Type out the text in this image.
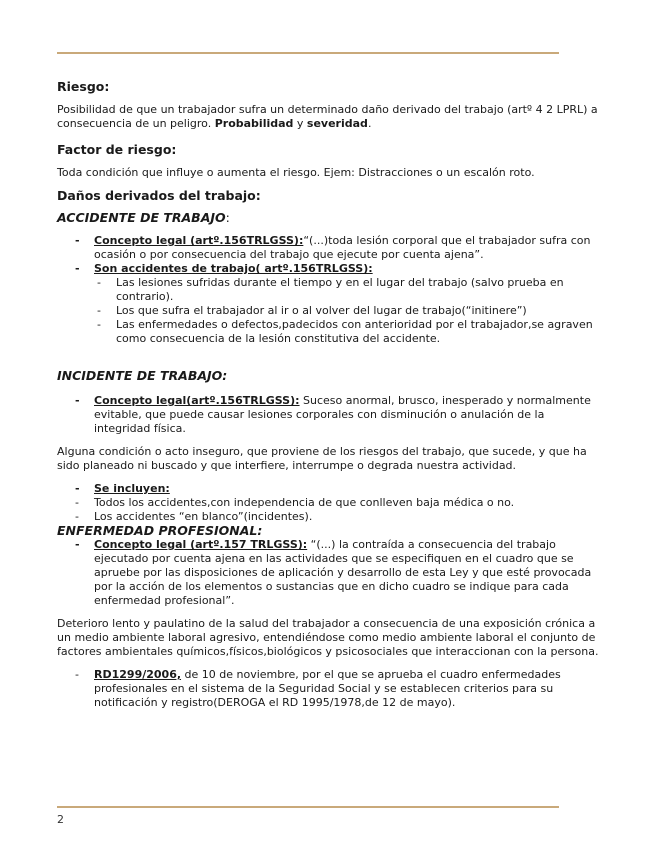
Riesgo:

Posibilidad de que un trabajador sufra un determinado daño derivado del trabajo (artº 4 2 LPRL) a consecuencia de un peligro. Probabilidad y severidad.

Factor de riesgo:

Toda condición que influye o aumenta el riesgo. Ejem: Distracciones o un escalón roto.

Daños derivados del trabajo:

ACCIDENTE DE TRABAJO:

- Concepto legal (artº.156TRLGSS):“(...)toda lesión corporal que el trabajador sufra con ocasión o por consecuencia del trabajo que ejecute por cuenta ajena”.
- Son accidentes de trabajo( artº.156TRLGSS):
- Las lesiones sufridas durante el tiempo y en el lugar del trabajo (salvo prueba en contrario).
- Los que sufra el trabajador al ir o al volver del lugar de trabajo(“initinere”)
- Las enfermedades o defectos,padecidos con anterioridad por el trabajador,se agraven como consecuencia de la lesión constitutiva del accidente.

INCIDENTE DE TRABAJO:

- Concepto legal(artº.156TRLGSS): Suceso anormal, brusco, inesperado y normalmente evitable, que puede causar lesiones corporales con disminución o anulación de la integridad física.

Alguna condición o acto inseguro, que proviene de los riesgos del trabajo, que sucede, y que ha sido planeado ni buscado y que interfiere, interrumpe o degrada nuestra actividad.

- Se incluyen:
- Todos los accidentes,con independencia de que conlleven baja médica o no.
- Los accidentes “en blanco”(incidentes).

ENFERMEDAD PROFESIONAL:

- Concepto legal (artº.157 TRLGSS): “(...) la contraída a consecuencia del trabajo ejecutado por cuenta ajena en las actividades que se especifiquen en el cuadro que se apruebe por las disposiciones de aplicación y desarrollo de esta Ley y que esté provocada por la acción de los elementos o sustancias que en dicho cuadro se indique para cada enfermedad profesional”.

Deterioro lento y paulatino de la salud del trabajador a consecuencia de una exposición crónica a un medio ambiente laboral agresivo, entendiéndose como medio ambiente laboral el conjunto de factores ambientales químicos,físicos,biológicos y psicosociales que interaccionan con la persona.

- RD1299/2006, de 10 de noviembre, por el que se aprueba el cuadro enfermedades profesionales en el sistema de la Seguridad Social y se establecen criterios para su notificación y registro(DEROGA el RD 1995/1978,de 12 de mayo).
2
